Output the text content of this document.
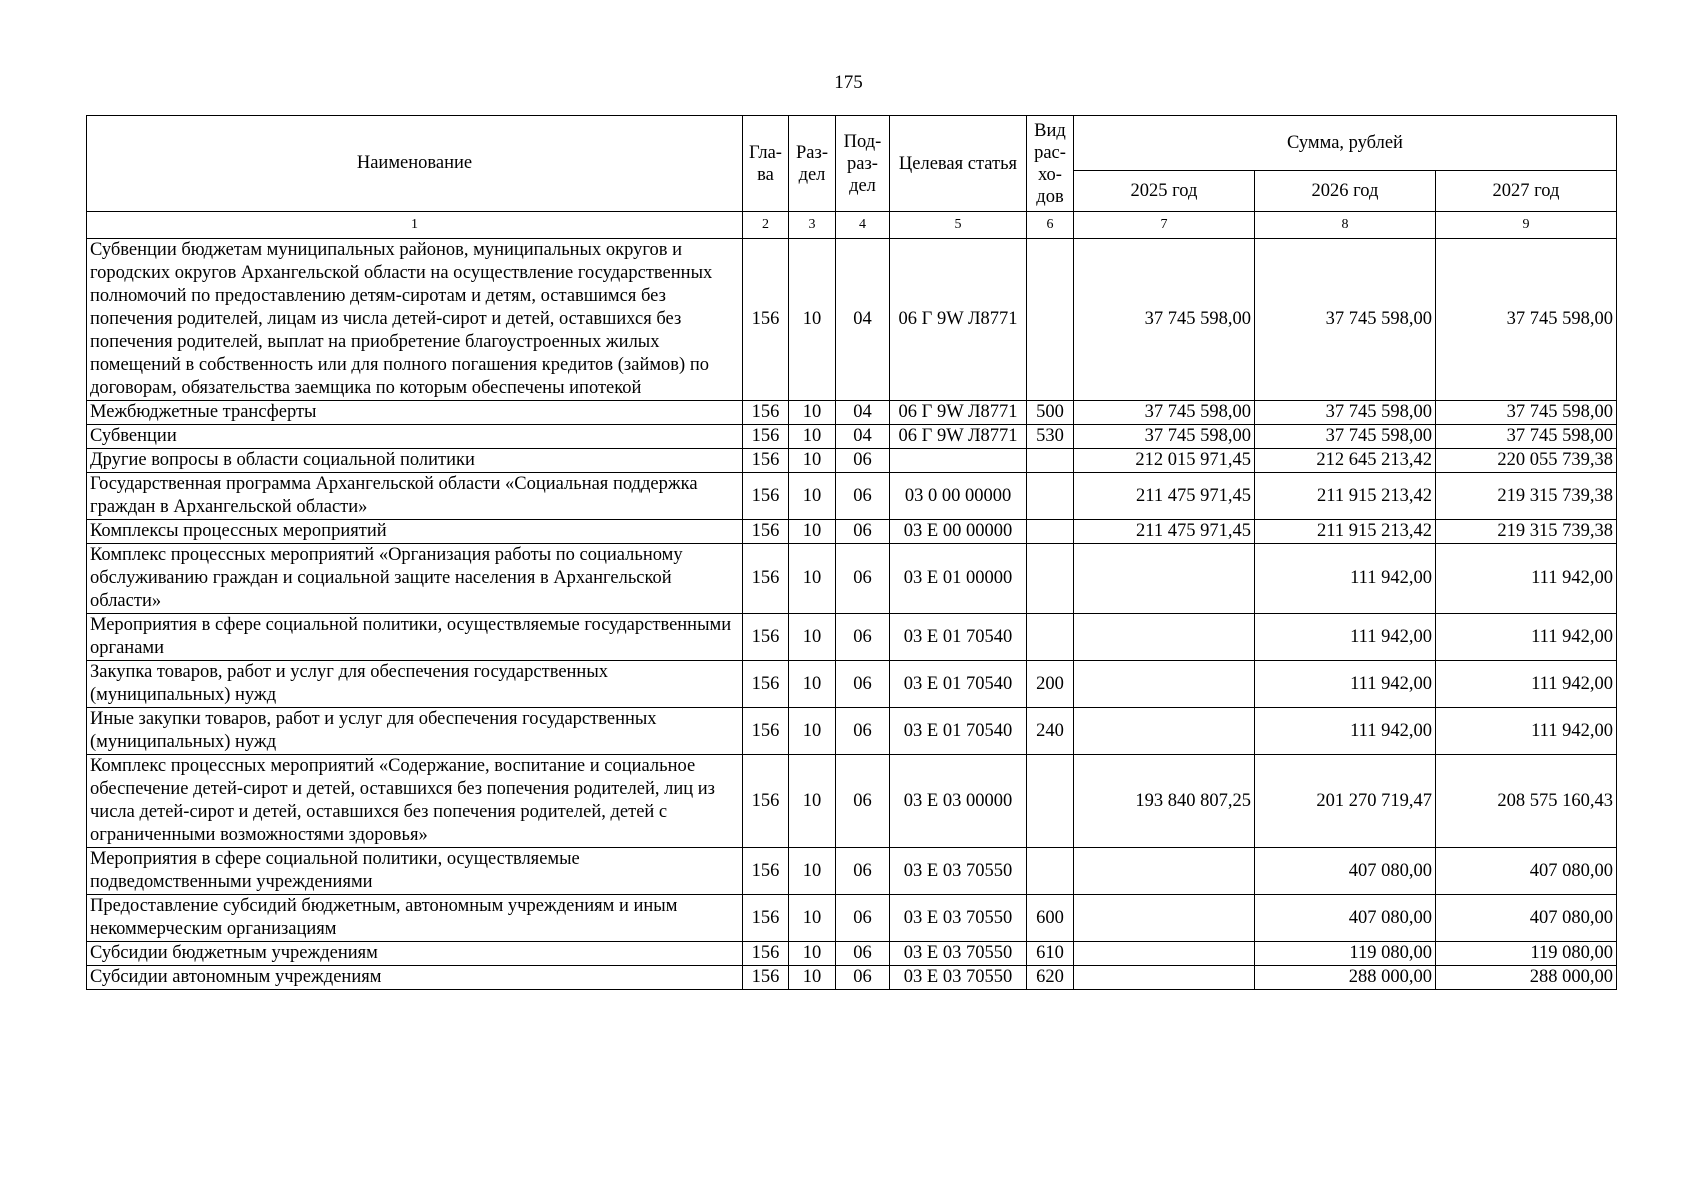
175
Наименование	Гла-ва	Раз-дел	Под-раз-дел	Целевая статья	Вид рас-хо-дов	Сумма, рублей		
						2025 год	2026 год	2027 год
1	2	3	4	5	6	7	8	9
Субвенции бюджетам муниципальных районов, муниципальных округов и городских округов Архангельской области на осуществление государственных полномочий по предоставлению детям-сиротам и детям, оставшимся без попечения родителей, лицам из числа детей-сирот и детей, оставшихся без попечения родителей, выплат на приобретение благоустроенных жилых помещений в собственность или для полного погашения кредитов (займов) по договорам, обязательства заемщика по которым обеспечены ипотекой	156	10	04	06 Г 9W Л8771		37 745 598,00	37 745 598,00	37 745 598,00
Межбюджетные трансферты	156	10	04	06 Г 9W Л8771	500	37 745 598,00	37 745 598,00	37 745 598,00
Субвенции	156	10	04	06 Г 9W Л8771	530	37 745 598,00	37 745 598,00	37 745 598,00
Другие вопросы в области социальной политики	156	10	06			212 015 971,45	212 645 213,42	220 055 739,38
Государственная программа Архангельской области «Социальная поддержка граждан в Архангельской области»	156	10	06	03 0 00 00000		211 475 971,45	211 915 213,42	219 315 739,38
Комплексы процессных мероприятий	156	10	06	03 Е 00 00000		211 475 971,45	211 915 213,42	219 315 739,38
Комплекс процессных мероприятий «Организация работы по социальному обслуживанию граждан и социальной защите населения в Архангельской области»	156	10	06	03 Е 01 00000			111 942,00	111 942,00
Мероприятия в сфере социальной политики, осуществляемые государственными органами	156	10	06	03 Е 01 70540			111 942,00	111 942,00
Закупка товаров, работ и услуг для обеспечения государственных (муниципальных) нужд	156	10	06	03 Е 01 70540	200		111 942,00	111 942,00
Иные закупки товаров, работ и услуг для обеспечения государственных (муниципальных) нужд	156	10	06	03 Е 01 70540	240		111 942,00	111 942,00
Комплекс процессных мероприятий «Содержание, воспитание и социальное обеспечение детей-сирот и детей, оставшихся без попечения родителей, лиц из числа детей-сирот и детей, оставшихся без попечения родителей, детей с ограниченными возможностями здоровья»	156	10	06	03 Е 03 00000		193 840 807,25	201 270 719,47	208 575 160,43
Мероприятия в сфере социальной политики, осуществляемые подведомственными учреждениями	156	10	06	03 Е 03 70550			407 080,00	407 080,00
Предоставление субсидий бюджетным, автономным учреждениям и иным некоммерческим организациям	156	10	06	03 Е 03 70550	600		407 080,00	407 080,00
Субсидии бюджетным учреждениям	156	10	06	03 Е 03 70550	610		119 080,00	119 080,00
Субсидии автономным учреждениям	156	10	06	03 Е 03 70550	620		288 000,00	288 000,00
